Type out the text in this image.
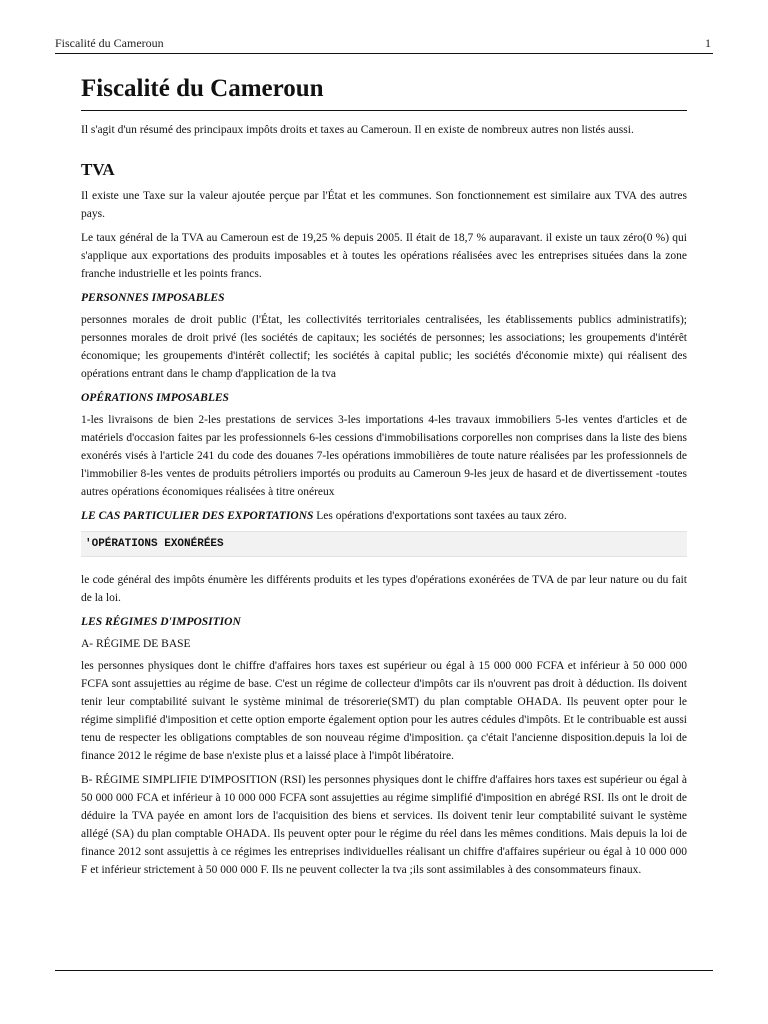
Fiscalité du Cameroun	1
Fiscalité du Cameroun

Il s'agit d'un résumé des principaux impôts droits et taxes au Cameroun. Il en existe de nombreux autres non listés aussi.

TVA

Il existe une Taxe sur la valeur ajoutée perçue par l'État et les communes. Son fonctionnement est similaire aux TVA des autres pays.

Le taux général de la TVA au Cameroun est de 19,25 % depuis 2005. Il était de 18,7 % auparavant. il existe un taux zéro(0 %) qui s'applique aux exportations des produits imposables et à toutes les opérations réalisées avec les entreprises situées dans la zone franche industrielle et les points francs.

PERSONNES IMPOSABLES

personnes morales de droit public (l'État, les collectivités territoriales centralisées, les établissements publics administratifs); personnes morales de droit privé (les sociétés de capitaux; les sociétés de personnes; les associations; les groupements d'intérêt économique; les groupements d'intérêt collectif; les sociétés à capital public; les sociétés d'économie mixte) qui réalisent des opérations entrant dans le champ d'application de la tva

OPÉRATIONS IMPOSABLES

1-les livraisons de bien 2-les prestations de services 3-les importations 4-les travaux immobiliers 5-les ventes d'articles et de matériels d'occasion faites par les professionnels 6-les cessions d'immobilisations corporelles non comprises dans la liste des biens exonérés visés à l'article 241 du code des douanes 7-les opérations immobilières de toute nature réalisées par les professionnels de l'immobilier 8-les ventes de produits pétroliers importés ou produits au Cameroun 9-les jeux de hasard et de divertissement -toutes autres opérations économiques réalisées à titre onéreux

LE CAS PARTICULIER DES EXPORTATIONS Les opérations d'exportations sont taxées au taux zéro.

'OPÉRATIONS EXONÉRÉES

le code général des impôts énumère les différents produits et les types d'opérations exonérées de TVA de par leur nature ou du fait de la loi.

LES RÉGIMES D'IMPOSITION
A- RÉGIME DE BASE

les personnes physiques dont le chiffre d'affaires hors taxes est supérieur ou égal à 15 000 000 FCFA et inférieur à 50 000 000 FCFA sont assujetties au régime de base. C'est un régime de collecteur d'impôts car ils n'ouvrent pas droit à déduction. Ils doivent tenir leur comptabilité suivant le système minimal de trésorerie(SMT) du plan comptable OHADA. Ils peuvent opter pour le régime simplifié d'imposition et cette option emporte également option pour les autres cédules d'impôts. Et le contribuable est aussi tenu de respecter les obligations comptables de son nouveau régime d'imposition. ça c'était l'ancienne disposition.depuis la loi de finance 2012 le régime de base n'existe plus et a laissé place à l'impôt libératoire.

B- RÉGIME SIMPLIFIE D'IMPOSITION (RSI) les personnes physiques dont le chiffre d'affaires hors taxes est supérieur ou égal à 50 000 000 FCA et inférieur à 10 000 000 FCFA sont assujetties au régime simplifié d'imposition en abrégé RSI. Ils ont le droit de déduire la TVA payée en amont lors de l'acquisition des biens et services. Ils doivent tenir leur comptabilité suivant le système allégé (SA) du plan comptable OHADA. Ils peuvent opter pour le régime du réel dans les mêmes conditions. Mais depuis la loi de finance 2012 sont assujettis à ce régimes les entreprises individuelles réalisant un chiffre d'affaires supérieur ou égal à 10 000 000 F et inférieur strictement à 50 000 000 F. Ils ne peuvent collecter la tva ;ils sont assimilables à des consommateurs finaux.
